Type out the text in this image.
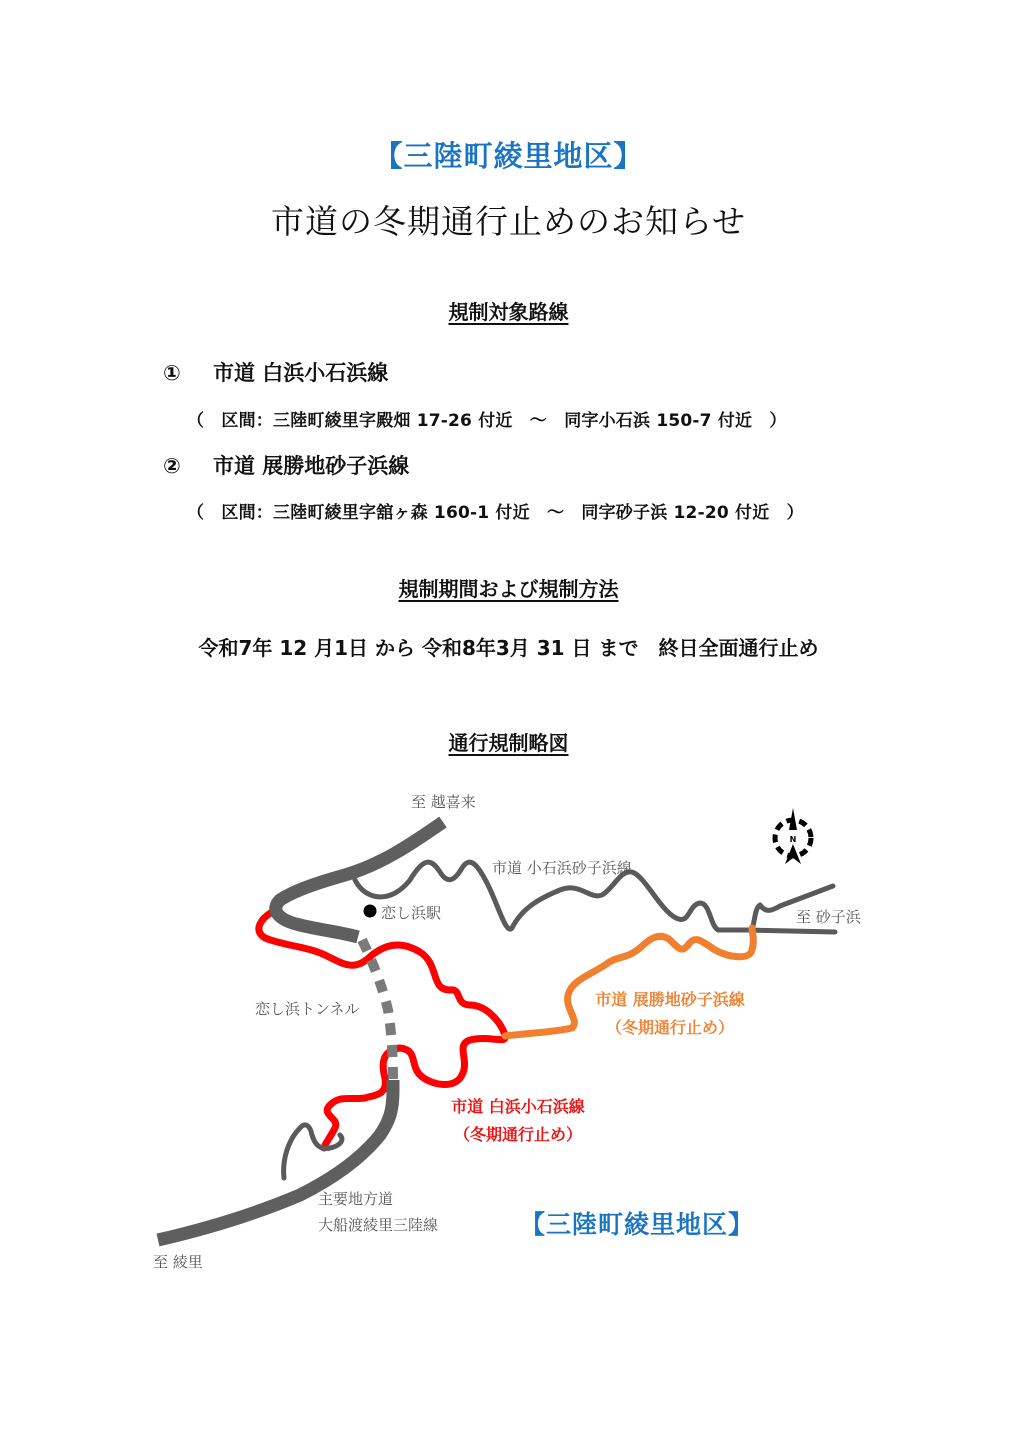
【三陸町綾里地区】
市道の冬期通行止めのお知らせ
規制対象路線
① 市道 白浜小石浜線
（　区間：三陸町綾里字殿畑 17-26 付近　～　同字小石浜 150-7 付近　）
② 市道 展勝地砂子浜線
（　区間：三陸町綾里字舘ヶ森 160-1 付近　～　同字砂子浜 12-20 付近　）
規制期間および規制方法
令和7年 12 月1日 から 令和8年3月 31 日 まで　終日全面通行止め
通行規制略図
N
至 越喜来
市道 小石浜砂子浜線
恋し浜駅	至 砂子浜
恋し浜トンネル	市道 展勝地砂子浜線
（冬期通行止め）
市道 白浜小石浜線
（冬期通行止め）
主要地方道
大船渡綾里三陸線
至 綾里
【三陸町綾里地区】
